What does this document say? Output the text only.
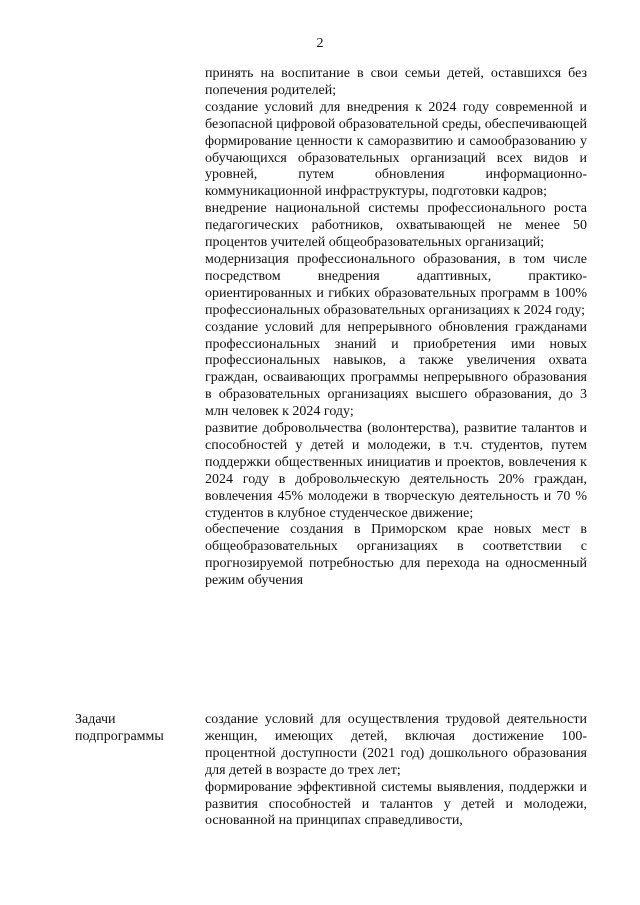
2

принять на воспитание в свои семьи детей, оставшихся без попечения родителей;

создание условий для внедрения к 2024 году современной и безопасной цифровой образовательной среды, обеспечивающей формирование ценности к саморазвитию и самообразованию у обучающихся образовательных организаций всех видов и уровней, путем обновления информационно-коммуникационной инфраструктуры, подготовки кадров;

внедрение национальной системы профессионального роста педагогических работников, охватывающей не менее 50 процентов учителей общеобразовательных организаций;

модернизация профессионального образования, в том числе посредством внедрения адаптивных, практико-ориентированных и гибких образовательных программ в 100% профессиональных образовательных организациях к 2024 году;

создание условий для непрерывного обновления гражданами профессиональных знаний и приобретения ими новых профессиональных навыков, а также увеличения охвата граждан, осваивающих программы непрерывного образования в образовательных организациях высшего образования, до 3 млн человек к 2024 году;

развитие добровольчества (волонтерства), развитие талантов и способностей у детей и молодежи, в т.ч. студентов, путем поддержки общественных инициатив и проектов, вовлечения к 2024 году в добровольческую деятельность 20% граждан, вовлечения 45% молодежи в творческую деятельность и 70 % студентов в клубное студенческое движение;

обеспечение создания в Приморском крае новых мест в общеобразовательных организациях в соответствии с прогнозируемой потребностью для перехода на односменный режим обучения

Задачи
подпрограммы

создание условий для осуществления трудовой деятельности женщин, имеющих детей, включая достижение 100-процентной доступности (2021 год) дошкольного образования для детей в возрасте до трех лет;

формирование эффективной системы выявления, поддержки и развития способностей и талантов у детей и молодежи, основанной на принципах справедливости,
